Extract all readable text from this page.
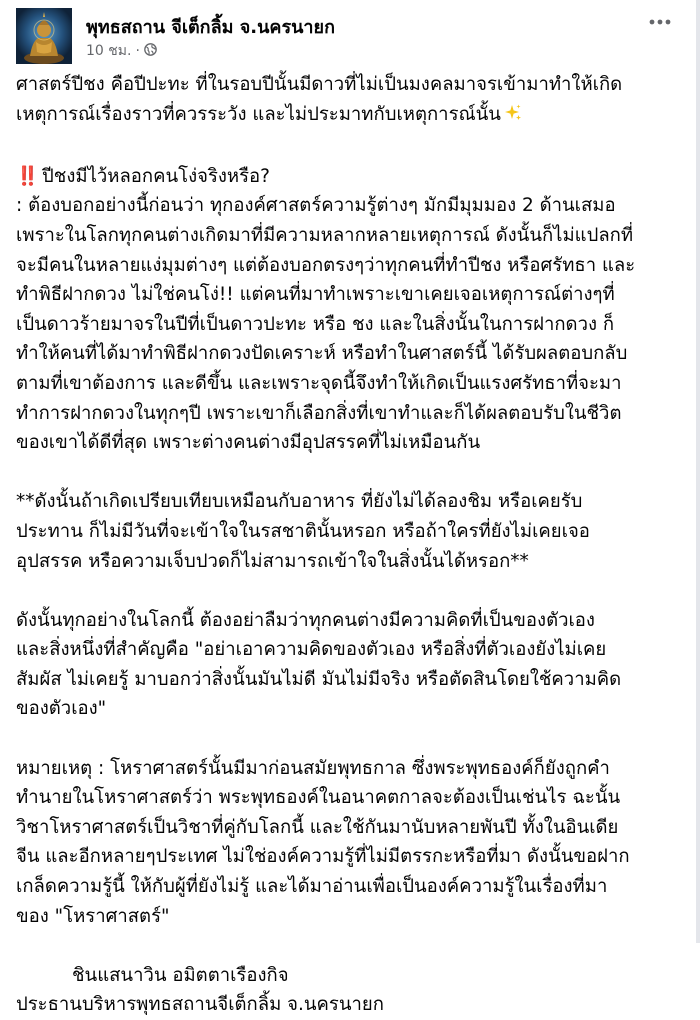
พุทธสถาน จีเต็กลิ้ม จ.นครนายก
10 ชม. ·

ศาสตร์ปีชง คือปีปะทะ ที่ในรอบปีนั้นมีดาวที่ไม่เป็นมงคลมาจรเข้ามาทำให้เกิด

เหตุการณ์เรื่องราวที่ควรระวัง และไม่ประมาทกับเหตุการณ์นั้น

‼️ ปีชงมีไว้หลอกคนโง่จริงหรือ?

: ต้องบอกอย่างนี้ก่อนว่า ทุกองค์ศาสตร์ความรู้ต่างๆ มักมีมุมมอง 2 ด้านเสมอ

เพราะในโลกทุกคนต่างเกิดมาที่มีความหลากหลายเหตุการณ์ ดังนั้นก็ไม่แปลกที่

จะมีคนในหลายแง่มุมต่างๆ แต่ต้องบอกตรงๆว่าทุกคนที่ทำปีชง หรือศรัทธา และ

ทำพิธีฝากดวง ไม่ใช่คนโง่!! แต่คนที่มาทำเพราะเขาเคยเจอเหตุการณ์ต่างๆที่

เป็นดาวร้ายมาจรในปีที่เป็นดาวปะทะ หรือ ชง และในสิ่งนั้นในการฝากดวง ก็

ทำให้คนที่ได้มาทำพิธีฝากดวงปัดเคราะห์ หรือทำในศาสตร์นี้ ได้รับผลตอบกลับ

ตามที่เขาต้องการ และดีขึ้น และเพราะจุดนี้จึงทำให้เกิดเป็นแรงศรัทธาที่จะมา

ทำการฝากดวงในทุกๆปี เพราะเขาก็เลือกสิ่งที่เขาทำและก็ได้ผลตอบรับในชีวิต

ของเขาได้ดีที่สุด เพราะต่างคนต่างมีอุปสรรคที่ไม่เหมือนกัน

**ดังนั้นถ้าเกิดเปรียบเทียบเหมือนกับอาหาร ที่ยังไม่ได้ลองชิม หรือเคยรับ

ประทาน ก็ไม่มีวันที่จะเข้าใจในรสชาตินั้นหรอก หรือถ้าใครที่ยังไม่เคยเจอ

อุปสรรค หรือความเจ็บปวดก็ไม่สามารถเข้าใจในสิ่งนั้นได้หรอก**

ดังนั้นทุกอย่างในโลกนี้ ต้องอย่าลืมว่าทุกคนต่างมีความคิดที่เป็นของตัวเอง

และสิ่งหนึ่งที่สำคัญคือ "อย่าเอาความคิดของตัวเอง หรือสิ่งที่ตัวเองยังไม่เคย

สัมผัส ไม่เคยรู้ มาบอกว่าสิ่งนั้นมันไม่ดี มันไม่มีจริง หรือตัดสินโดยใช้ความคิด

ของตัวเอง"

หมายเหตุ : โหราศาสตร์นั้นมีมาก่อนสมัยพุทธกาล ซึ่งพระพุทธองค์ก็ยังถูกคำ

ทำนายในโหราศาสตร์ว่า พระพุทธองค์ในอนาคตกาลจะต้องเป็นเช่นไร ฉะนั้น

วิชาโหราศาสตร์เป็นวิชาที่คู่กับโลกนี้ และใช้กันมานับหลายพันปี ทั้งในอินเดีย

จีน และอีกหลายๆประเทศ ไม่ใช่องค์ความรู้ที่ไม่มีตรรกะหรือที่มา ดังนั้นขอฝาก

เกล็ดความรู้นี้ ให้กับผู้ที่ยังไม่รู้ และได้มาอ่านเพื่อเป็นองค์ความรู้ในเรื่องที่มา

ของ "โหราศาสตร์"

ชินแสนาวิน อมิตตาเรืองกิจ

ประธานบริหารพุทธสถานจีเต็กลิ้ม จ.นครนายก
